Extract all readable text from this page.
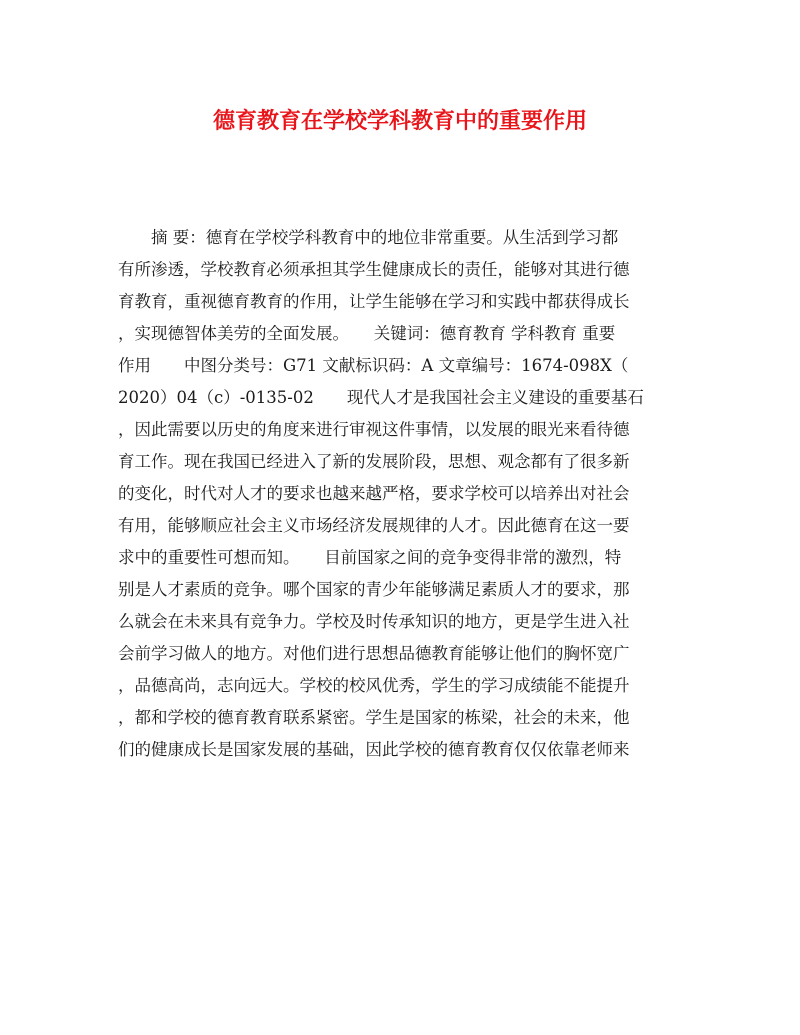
德育教育在学校学科教育中的重要作用
　　摘 要：德育在学校学科教育中的地位非常重要。从生活到学习都
有所渗透，学校教育必须承担其学生健康成长的责任，能够对其进行德
育教育，重视德育教育的作用，让学生能够在学习和实践中都获得成长
，实现德智体美劳的全面发展。　　关键词：德育教育 学科教育 重要
作用　　中图分类号：G71 文献标识码：A 文章编号：1674-098X（
2020）04（c）-0135-02　　现代人才是我国社会主义建设的重要基石
，因此需要以历史的角度来进行审视这件事情，以发展的眼光来看待德
育工作。现在我国已经进入了新的发展阶段，思想、观念都有了很多新
的变化，时代对人才的要求也越来越严格，要求学校可以培养出对社会
有用，能够顺应社会主义市场经济发展规律的人才。因此德育在这一要
求中的重要性可想而知。　　目前国家之间的竞争变得非常的激烈，特
别是人才素质的竞争。哪个国家的青少年能够满足素质人才的要求，那
么就会在未来具有竞争力。学校及时传承知识的地方，更是学生进入社
会前学习做人的地方。对他们进行思想品德教育能够让他们的胸怀宽广
，品德高尚，志向远大。学校的校风优秀，学生的学习成绩能不能提升
，都和学校的德育教育联系紧密。学生是国家的栋梁，社会的未来，他
们的健康成长是国家发展的基础，因此学校的德育教育仅仅依靠老师来
